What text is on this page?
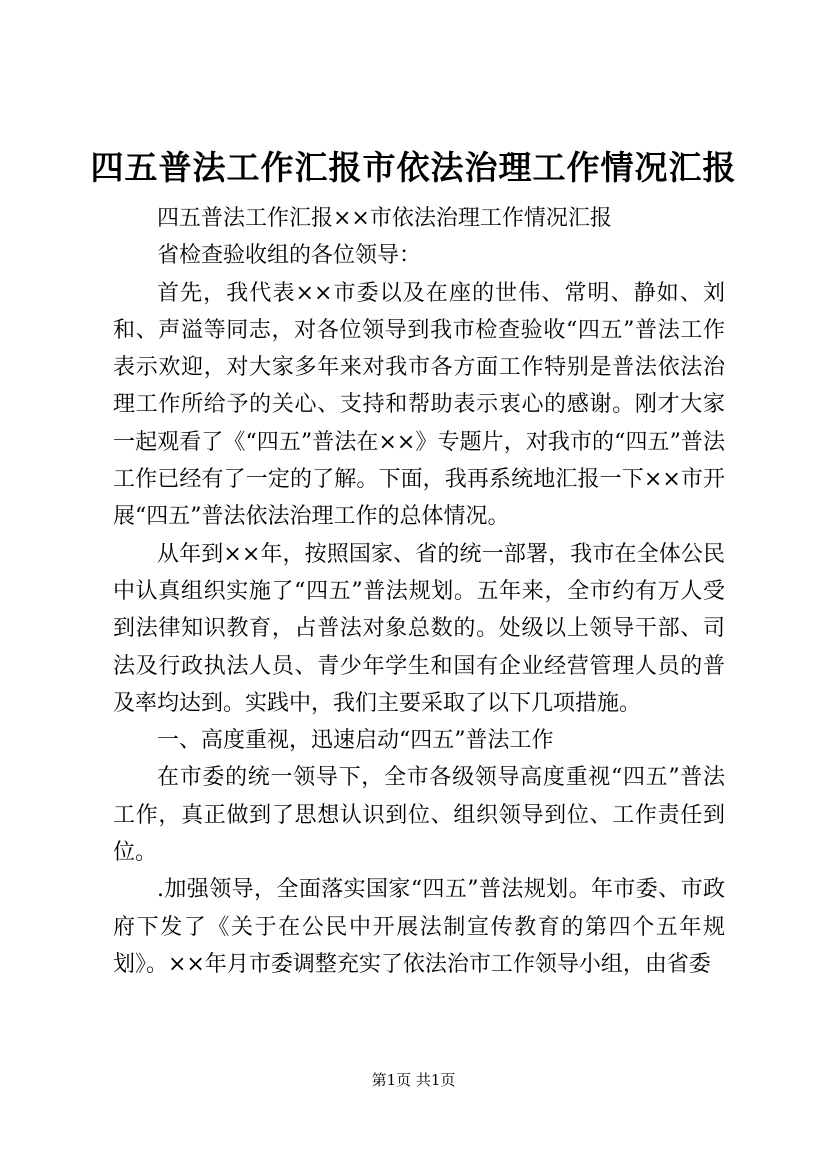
四五普法工作汇报市依法治理工作情况汇报

四五普法工作汇报××市依法治理工作情况汇报

省检查验收组的各位领导：

首先，我代表××市委以及在座的世伟、常明、静如、刘和、声溢等同志，对各位领导到我市检查验收“四五”普法工作表示欢迎，对大家多年来对我市各方面工作特别是普法依法治理工作所给予的关心、支持和帮助表示衷心的感谢。刚才大家一起观看了《“四五”普法在××》专题片，对我市的“四五”普法工作已经有了一定的了解。下面，我再系统地汇报一下××市开展“四五”普法依法治理工作的总体情况。

从年到××年，按照国家、省的统一部署，我市在全体公民中认真组织实施了“四五”普法规划。五年来，全市约有万人受到法律知识教育，占普法对象总数的。处级以上领导干部、司法及行政执法人员、青少年学生和国有企业经营管理人员的普及率均达到。实践中，我们主要采取了以下几项措施。

一、高度重视，迅速启动“四五”普法工作

在市委的统一领导下，全市各级领导高度重视“四五”普法工作，真正做到了思想认识到位、组织领导到位、工作责任到位。

.加强领导，全面落实国家“四五”普法规划。年市委、市政府下发了《关于在公民中开展法制宣传教育的第四个五年规划》。××年月市委调整充实了依法治市工作领导小组，由省委

第1页 共1页
